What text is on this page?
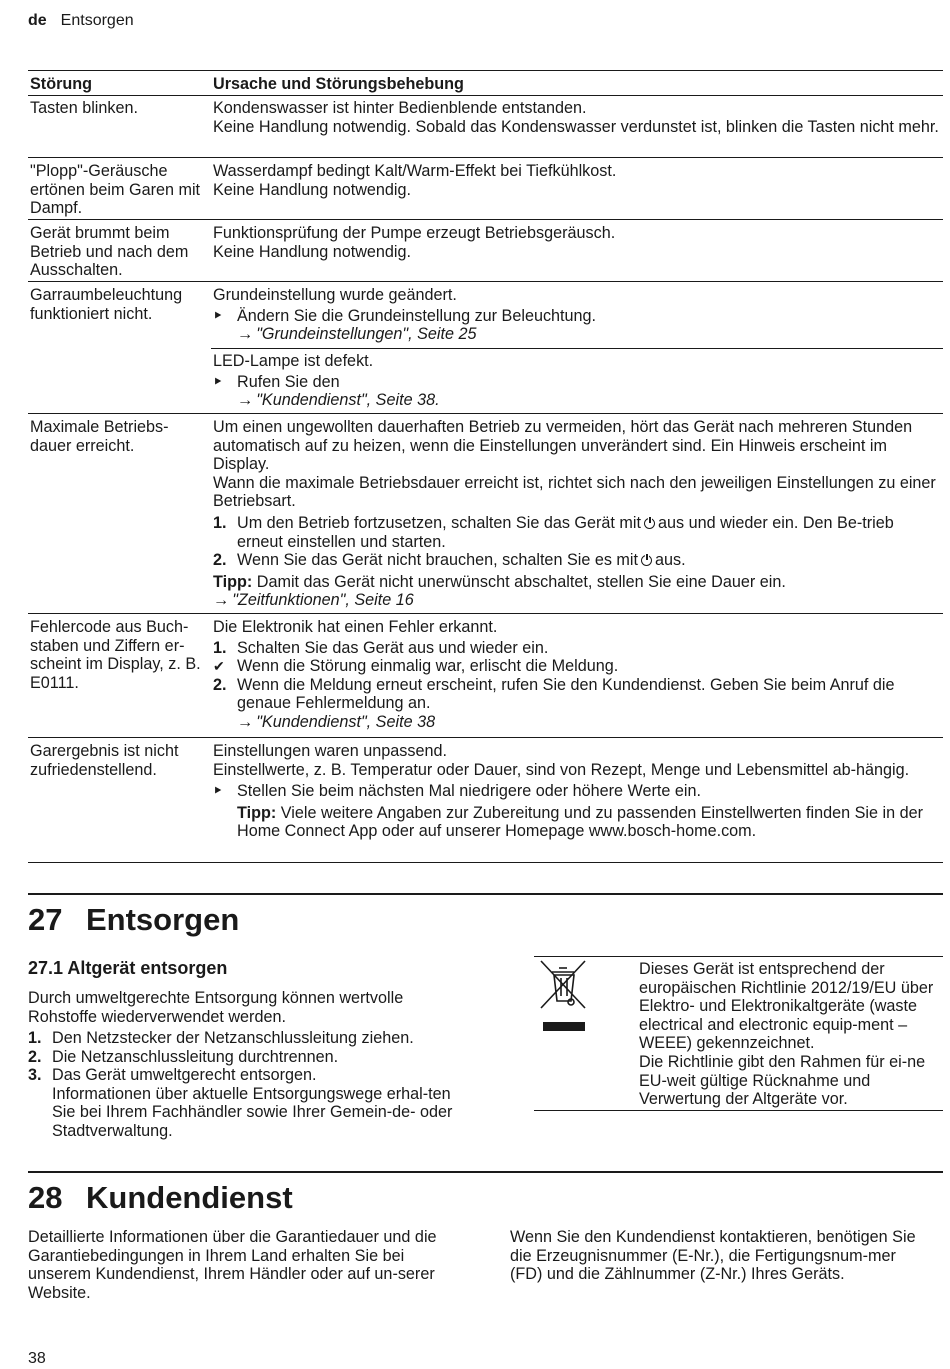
de Entsorgen
Störung	Ursache und Störungsbehebung
Tasten blinken.	Kondenswasser ist hinter Bedienblende entstanden.
Keine Handlung notwendig. Sobald das Kondenswasser verdunstet ist, blinken die Tasten nicht mehr.
"Plopp"-Geräusche ertönen beim Garen mit Dampf.
Wasserdampf bedingt Kalt/Warm-Effekt bei Tiefkühlkost.
Keine Handlung notwendig.
Gerät brummt beim Betrieb und nach dem Ausschalten.
Funktionsprüfung der Pumpe erzeugt Betriebsgeräusch.
Keine Handlung notwendig.
Garraumbeleuchtung funktioniert nicht.
Grundeinstellung wurde geändert.
‣ Ändern Sie die Grundeinstellung zur Beleuchtung.
→ "Grundeinstellungen", Seite 25
LED-Lampe ist defekt.
‣ Rufen Sie den
→ "Kundendienst", Seite 38.
Maximale Betriebs-dauer erreicht.
Um einen ungewollten dauerhaften Betrieb zu vermeiden, hört das Gerät nach mehreren Stunden automatisch auf zu heizen, wenn die Einstellungen unverändert sind. Ein Hinweis erscheint im Display.
Wann die maximale Betriebsdauer erreicht ist, richtet sich nach den jeweiligen Einstellungen zu einer Betriebsart.
1. Um den Betrieb fortzusetzen, schalten Sie das Gerät mit aus und wieder ein. Den Be-trieb erneut einstellen und starten.
2. Wenn Sie das Gerät nicht brauchen, schalten Sie es mit aus.
Tipp: Damit das Gerät nicht unerwünscht abschaltet, stellen Sie eine Dauer ein.
→ "Zeitfunktionen", Seite 16
Fehlercode aus Buch-staben und Ziffern er-scheint im Display, z. B. E0111.
Die Elektronik hat einen Fehler erkannt.
1. Schalten Sie das Gerät aus und wieder ein.
✔ Wenn die Störung einmalig war, erlischt die Meldung.
2. Wenn die Meldung erneut erscheint, rufen Sie den Kundendienst. Geben Sie beim Anruf die genaue Fehlermeldung an.
→ "Kundendienst", Seite 38
Garergebnis ist nicht zufriedenstellend.
Einstellungen waren unpassend.
Einstellwerte, z. B. Temperatur oder Dauer, sind von Rezept, Menge und Lebensmittel ab-hängig.
‣ Stellen Sie beim nächsten Mal niedrigere oder höhere Werte ein.
Tipp: Viele weitere Angaben zur Zubereitung und zu passenden Einstellwerten finden Sie in der Home Connect App oder auf unserer Homepage www.bosch-home.com.
27 Entsorgen
27.1 Altgerät entsorgen
Durch umweltgerechte Entsorgung können wertvolle Rohstoffe wiederverwendet werden.
1. Den Netzstecker der Netzanschlussleitung ziehen.
2. Die Netzanschlussleitung durchtrennen.
3. Das Gerät umweltgerecht entsorgen.
Informationen über aktuelle Entsorgungswege erhal-ten Sie bei Ihrem Fachhändler sowie Ihrer Gemein-de- oder Stadtverwaltung.
Dieses Gerät ist entsprechend der europäischen Richtlinie 2012/19/EU über Elektro- und Elektronikaltgeräte (waste electrical and electronic equip-ment – WEEE) gekennzeichnet.
Die Richtlinie gibt den Rahmen für ei-ne EU-weit gültige Rücknahme und Verwertung der Altgeräte vor.
28 Kundendienst
Detaillierte Informationen über die Garantiedauer und die Garantiebedingungen in Ihrem Land erhalten Sie bei unserem Kundendienst, Ihrem Händler oder auf un-serer Website.
Wenn Sie den Kundendienst kontaktieren, benötigen Sie die Erzeugnisnummer (E-Nr.), die Fertigungsnum-mer (FD) und die Zählnummer (Z-Nr.) Ihres Geräts.
38
